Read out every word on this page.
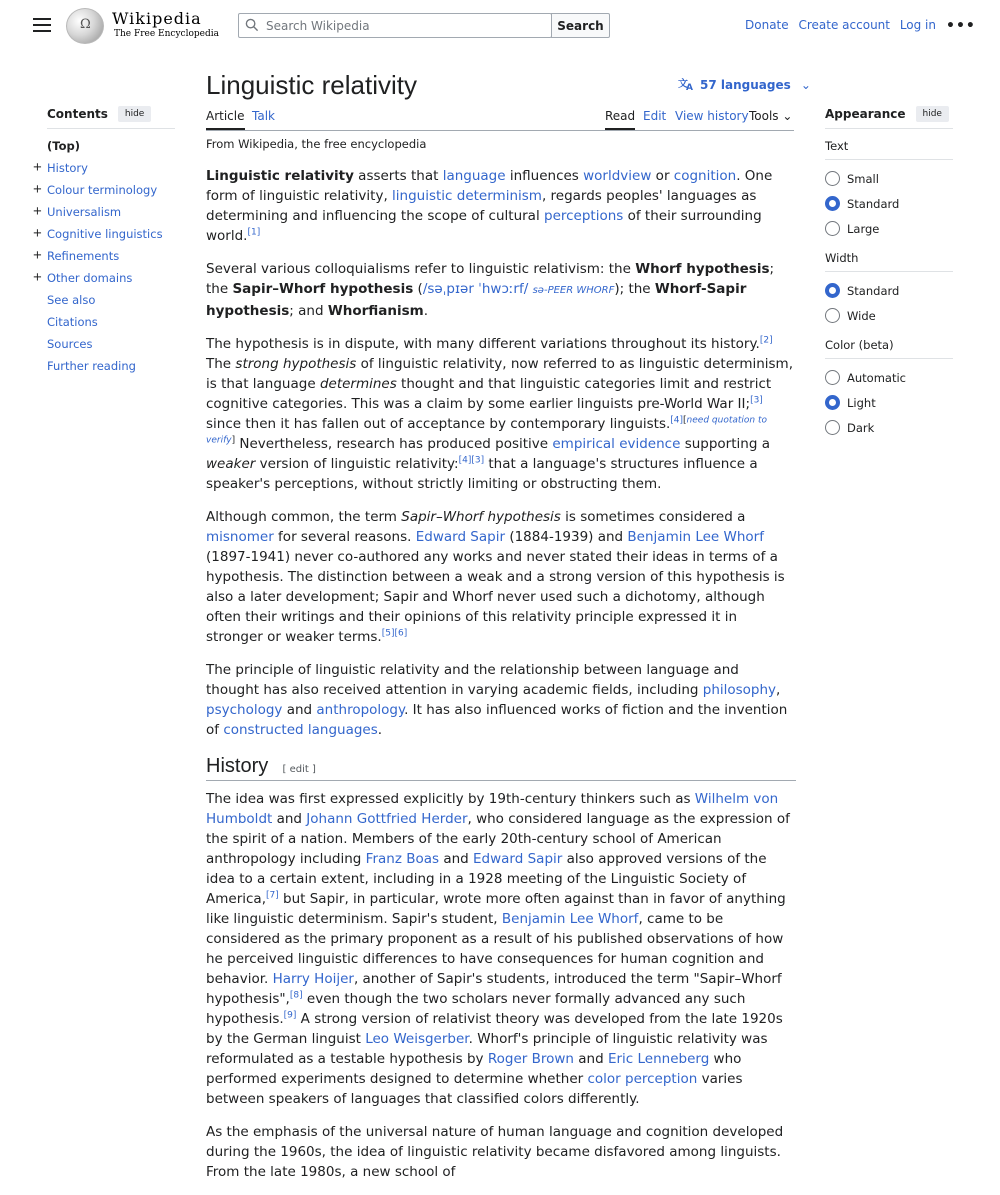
Ω Wikipedia
The Free Encyclopedia
Search Wikipedia
Search	Donate Create account Log in •••
Contents	hide
(Top)
✕ History
✕ Colour terminology
✕ Universalism
✕ Cognitive linguistics
✕ Refinements
✕ Other domains
See also
Citations
Sources
Further reading
Linguistic relativity	文
A 57 languages ⌄
Article Talk	Read Edit View history Tools ⌄
From Wikipedia, the free encyclopedia

Linguistic relativity asserts that language influences worldview or cognition. One form of linguistic relativity, linguistic determinism, regards peoples' languages as determining and influencing the scope of cultural perceptions of their surrounding world.[1]

Several various colloquialisms refer to linguistic relativism: the Whorf hypothesis; the Sapir–Whorf hypothesis (/səˌpɪər ˈhwɔːrf/ sə-PEER WHORF); the Whorf-Sapir hypothesis; and Whorfianism.

The hypothesis is in dispute, with many different variations throughout its history.[2] The strong hypothesis of linguistic relativity, now referred to as linguistic determinism, is that language determines thought and that linguistic categories limit and restrict cognitive categories. This was a claim by some earlier linguists pre-World War II;[3] since then it has fallen out of acceptance by contemporary linguists.[4][need quotation to verify] Nevertheless, research has produced positive empirical evidence supporting a weaker version of linguistic relativity:[4][3] that a language's structures influence a speaker's perceptions, without strictly limiting or obstructing them.

Although common, the term Sapir–Whorf hypothesis is sometimes considered a misnomer for several reasons. Edward Sapir (1884-1939) and Benjamin Lee Whorf (1897-1941) never co-authored any works and never stated their ideas in terms of a hypothesis. The distinction between a weak and a strong version of this hypothesis is also a later development; Sapir and Whorf never used such a dichotomy, although often their writings and their opinions of this relativity principle expressed it in stronger or weaker terms.[5][6]

The principle of linguistic relativity and the relationship between language and thought has also received attention in varying academic fields, including philosophy, psychology and anthropology. It has also influenced works of fiction and the invention of constructed languages.

History [ edit ]

The idea was first expressed explicitly by 19th-century thinkers such as Wilhelm von Humboldt and Johann Gottfried Herder, who considered language as the expression of the spirit of a nation. Members of the early 20th-century school of American anthropology including Franz Boas and Edward Sapir also approved versions of the idea to a certain extent, including in a 1928 meeting of the Linguistic Society of America,[7] but Sapir, in particular, wrote more often against than in favor of anything like linguistic determinism. Sapir's student, Benjamin Lee Whorf, came to be considered as the primary proponent as a result of his published observations of how he perceived linguistic differences to have consequences for human cognition and behavior. Harry Hoijer, another of Sapir's students, introduced the term "Sapir–Whorf hypothesis",[8] even though the two scholars never formally advanced any such hypothesis.[9] A strong version of relativist theory was developed from the late 1920s by the German linguist Leo Weisgerber. Whorf's principle of linguistic relativity was reformulated as a testable hypothesis by Roger Brown and Eric Lenneberg who performed experiments designed to determine whether color perception varies between speakers of languages that classified colors differently.

As the emphasis of the universal nature of human language and cognition developed during the 1960s, the idea of linguistic relativity became disfavored among linguists. From the late 1980s, a new school of

Appearance	hide
Text
Small
Standard
Large
Width
Standard
Wide
Color (beta)
Automatic
Light
Dark
